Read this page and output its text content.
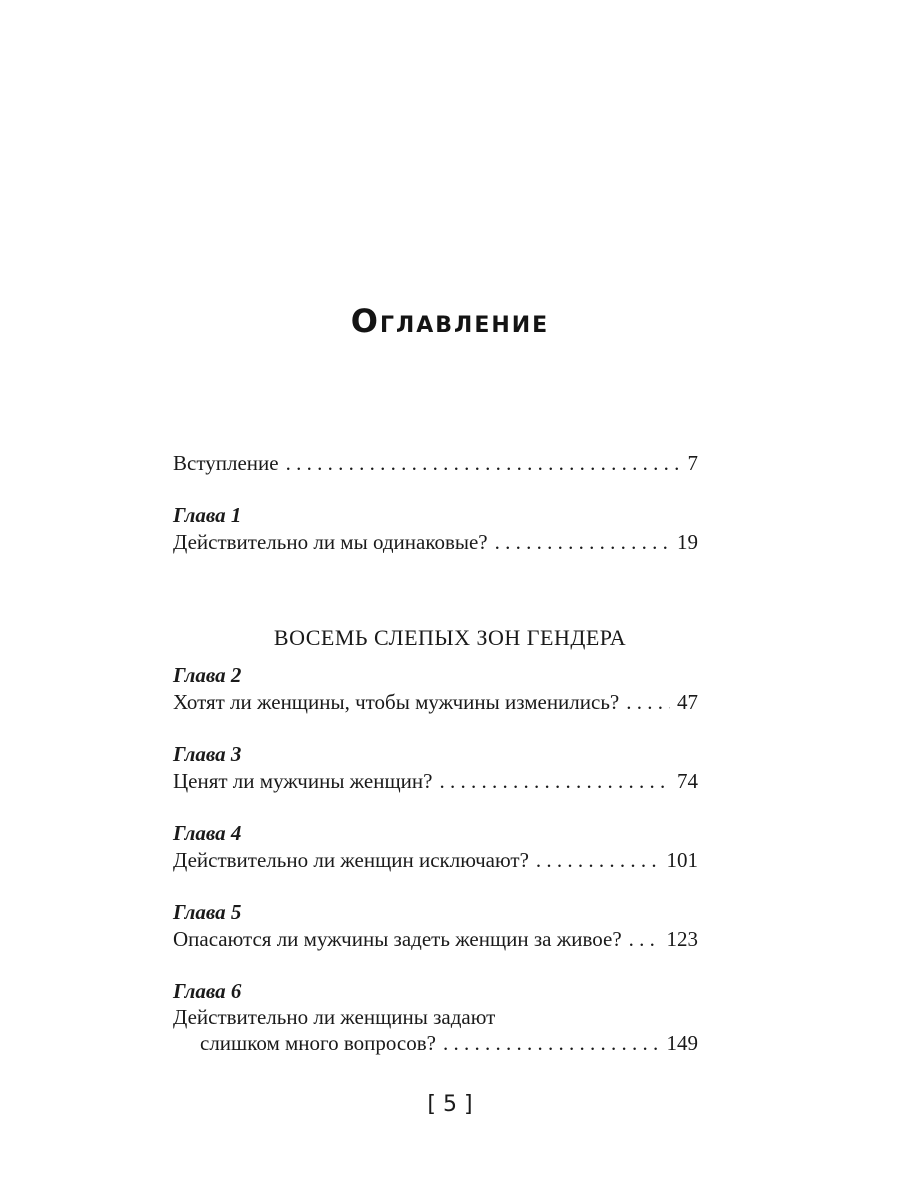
Оглавление
Вступление . . .	7
Глава 1
Действительно ли мы одинаковые? . . .	19
ВОСЕМЬ СЛЕПЫХ ЗОН ГЕНДЕРА
Глава 2
Хотят ли женщины, чтобы мужчины изменились? . . .	47
Глава 3
Ценят ли мужчины женщин? . . .	74
Глава 4
Действительно ли женщин исключают? . . .	101
Глава 5
Опасаются ли мужчины задеть женщин за живое? . . . 123
Глава 6
Действительно ли женщины задают
слишком много вопросов? . . .	149
[ 5 ]
